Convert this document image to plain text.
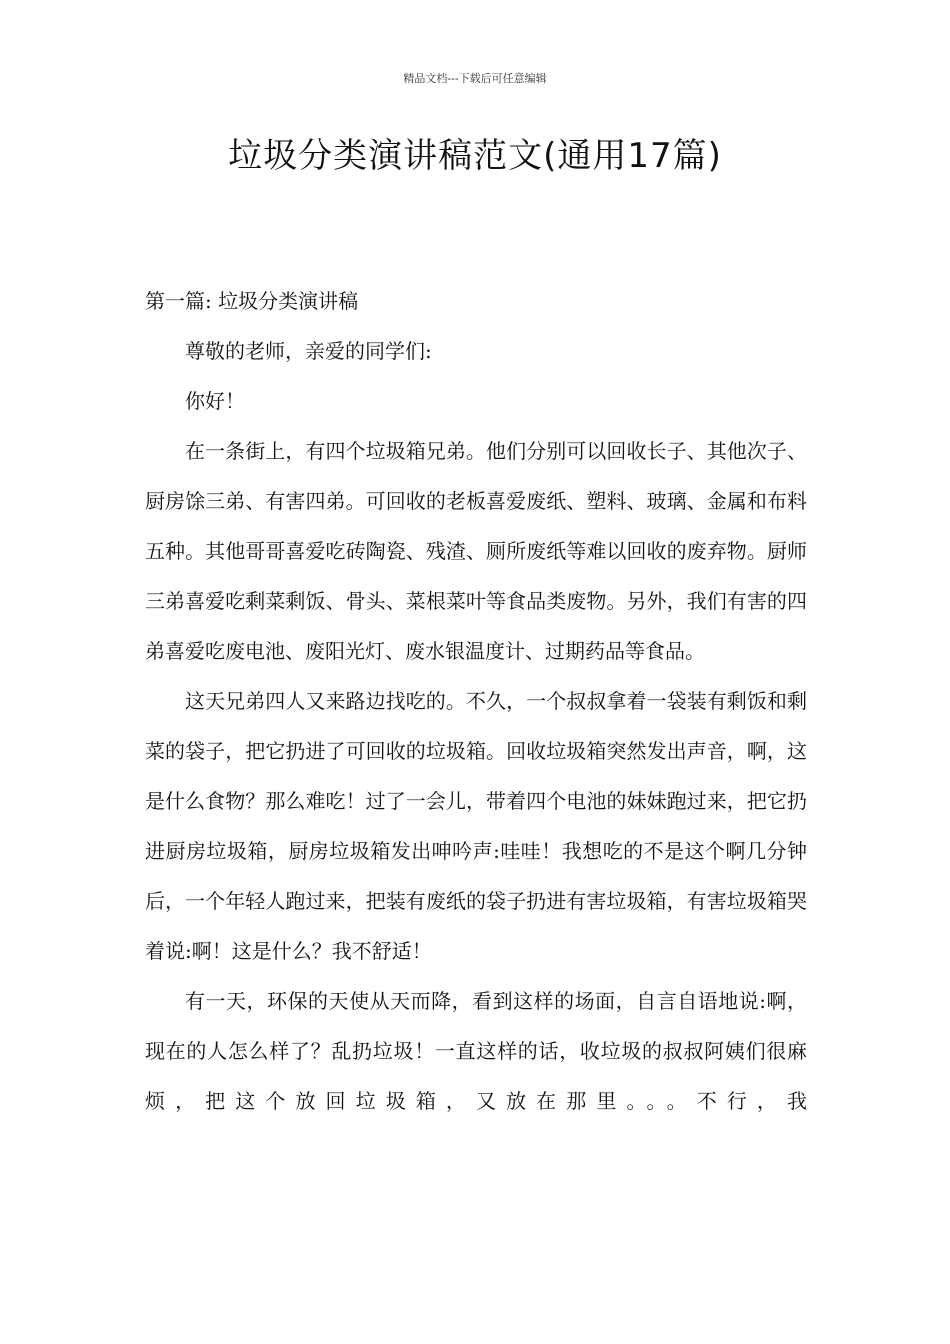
精品文档---下载后可任意编辑
垃圾分类演讲稿范文(通用17篇)

第一篇: 垃圾分类演讲稿

尊敬的老师，亲爱的同学们:

你好！

在一条街上，有四个垃圾箱兄弟。他们分别可以回收长子、其他次子、厨房馀三弟、有害四弟。可回收的老板喜爱废纸、塑料、玻璃、金属和布料五种。其他哥哥喜爱吃砖陶瓷、残渣、厕所废纸等难以回收的废弃物。厨师三弟喜爱吃剩菜剩饭、骨头、菜根菜叶等食品类废物。另外，我们有害的四弟喜爱吃废电池、废阳光灯、废水银温度计、过期药品等食品。

这天兄弟四人又来路边找吃的。不久，一个叔叔拿着一袋装有剩饭和剩菜的袋子，把它扔进了可回收的垃圾箱。回收垃圾箱突然发出声音，啊，这是什么食物？那么难吃！过了一会儿，带着四个电池的妹妹跑过来，把它扔进厨房垃圾箱，厨房垃圾箱发出呻吟声:哇哇！我想吃的不是这个啊几分钟后，一个年轻人跑过来，把装有废纸的袋子扔进有害垃圾箱，有害垃圾箱哭着说:啊！这是什么？我不舒适！

有一天，环保的天使从天而降，看到这样的场面，自言自语地说:啊，现在的人怎么样了？乱扔垃圾！一直这样的话，收垃圾的叔叔阿姨们很麻烦，把这个放回垃圾箱，又放在那里。。。不行，我
